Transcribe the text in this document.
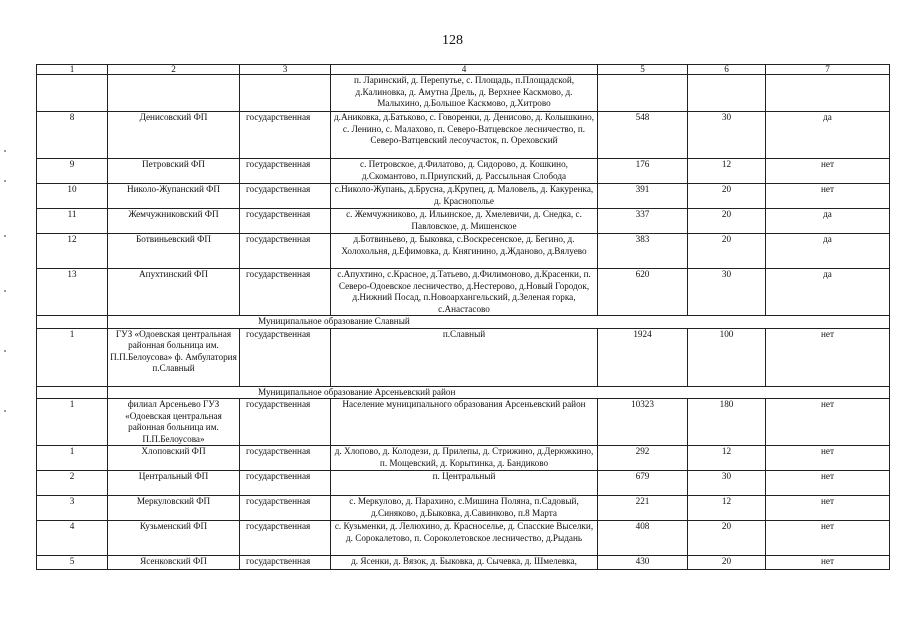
128
1	2	3	4	5	6	7
			п. Ларинский, д. Перепутье, с. Площадь, п.Площадской, д.Калиновка, д. Амутна Дрель, д. Верхнее Каскмово, д. Малыхино, д.Большое Каскмово, д.Хитрово			
8	Денисовский ФП	государственная	д.Аниковка, д.Батьково, с. Говоренки, д. Денисово, д. Колышкино, с. Ленино, с. Малахово, п. Северо-Ватцевское лесничество, п. Северо-Ватцевский лесоучасток, п. Ореховский	548	30	да
9	Петровский ФП	государственная	с. Петровское, д.Филатово, д. Сидорово, д. Кошкино, д.Скомантово, п.Приупский, д. Рассыльная Слобода	176	12	нет
10	Николо-Жупанский ФП	государственная	с.Николо-Жупань, д.Бруcна, д.Крупец, д. Маловель, д. Какуренка, д. Краснополье	391	20	нет
11	Жемчужниковский ФП	государственная	с. Жемчужниково, д. Ильинское, д. Хмелевичи, д. Снедка, с. Павловское, д. Мишенское	337	20	да
12	Ботвиньевский ФП	государственная	д.Ботвиньево, д. Быковка, с.Воскресенское, д. Бегино, д. Холохольня, д.Ефимовка, д. Княгинино, д.Жданово, д.Вялуево	383	20	да
13	Апухтинский ФП	государственная	с.Апухтино, с.Красное, д.Татьево, д.Филимоново, д.Красенки, п. Северо-Одоевское лесничество, д.Нестерово, д.Новый Городок, д.Нижний Посад, п.Новоархангельский, д.Зеленая горка, с.Анастасово	620	30	да
	Муниципальное образование Славный					
1	ГУЗ «Одоевская центральная районная больница им. П.П.Белоусова» ф. Амбулатория п.Славный	государственная	п.Славный	1924	100	нет
	Муниципальное образование Арсеньевский район					
1	филиал Арсеньево ГУЗ «Одоевская центральная районная больница им. П.П.Белоусова»	государственная	Население муниципального образования Арсеньевский район	10323	180	нет
1	Хлоповский ФП	государственная	д. Хлопово, д. Колодези, д. Прилепы, д. Стрижино, д.Дерюжкино, п. Мощевский, д. Корытинка, д. Бандиково	292	12	нет
2	Центральный ФП	государственная	п. Центральный	679	30	нет
3	Меркуловский ФП	государственная	с. Меркулово, д. Парахино, с.Мишина Поляна, п.Садовый, д.Синяково, д.Быковка, д.Савинково, п.8 Марта	221	12	нет
4	Кузьменский ФП	государственная	с. Кузьменки, д. Лелюхино, д. Красноселье, д. Спасские Выселки, д. Сорокалетово, п. Сороколетовское лесничество, д.Рыдань	408	20	нет
5	Ясенковский ФП	государственная	д. Ясенки, д. Вязок, д. Быковка, д. Сычевка, д. Шмелевка,	430	20	нет
